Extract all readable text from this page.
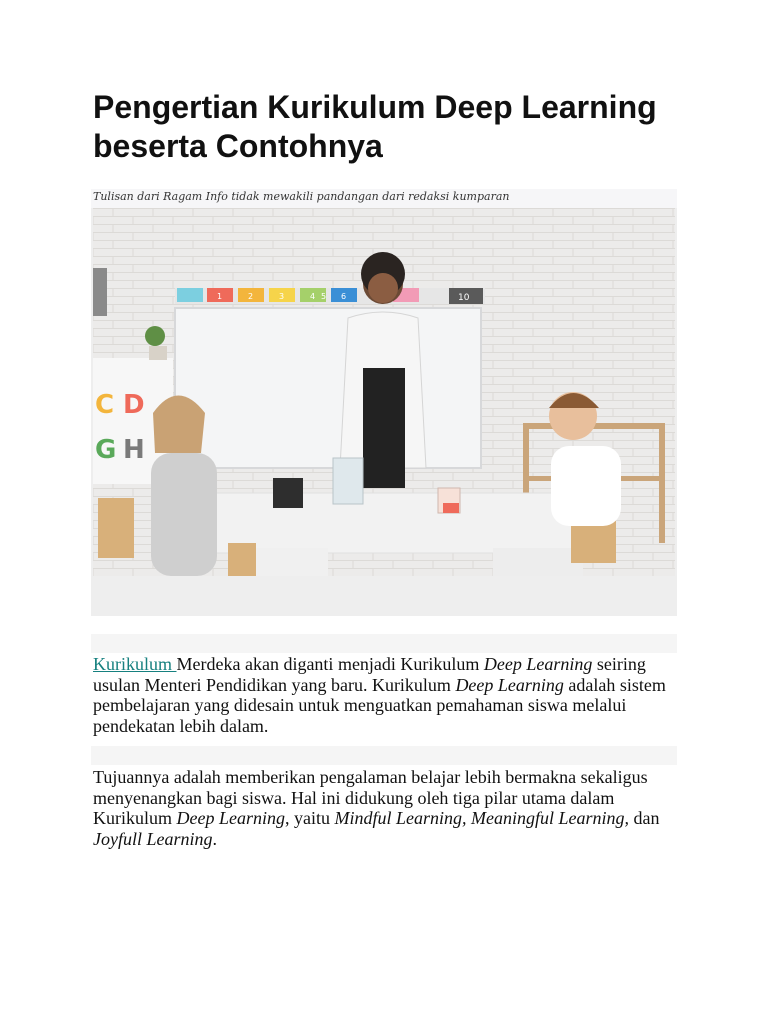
Pengertian Kurikulum Deep Learning beserta Contohnya
Tulisan dari Ragam Info tidak mewakili pandangan dari redaksi kumparan
1	2	3	4 5 6	10
C D
G H

Kurikulum Merdeka akan diganti menjadi Kurikulum Deep Learning seiring usulan Menteri Pendidikan yang baru. Kurikulum Deep Learning adalah sistem pembelajaran yang didesain untuk menguatkan pemahaman siswa melalui pendekatan lebih dalam.

Tujuannya adalah memberikan pengalaman belajar lebih bermakna sekaligus menyenangkan bagi siswa. Hal ini didukung oleh tiga pilar utama dalam Kurikulum Deep Learning, yaitu Mindful Learning, Meaningful Learning, dan Joyfull Learning.
